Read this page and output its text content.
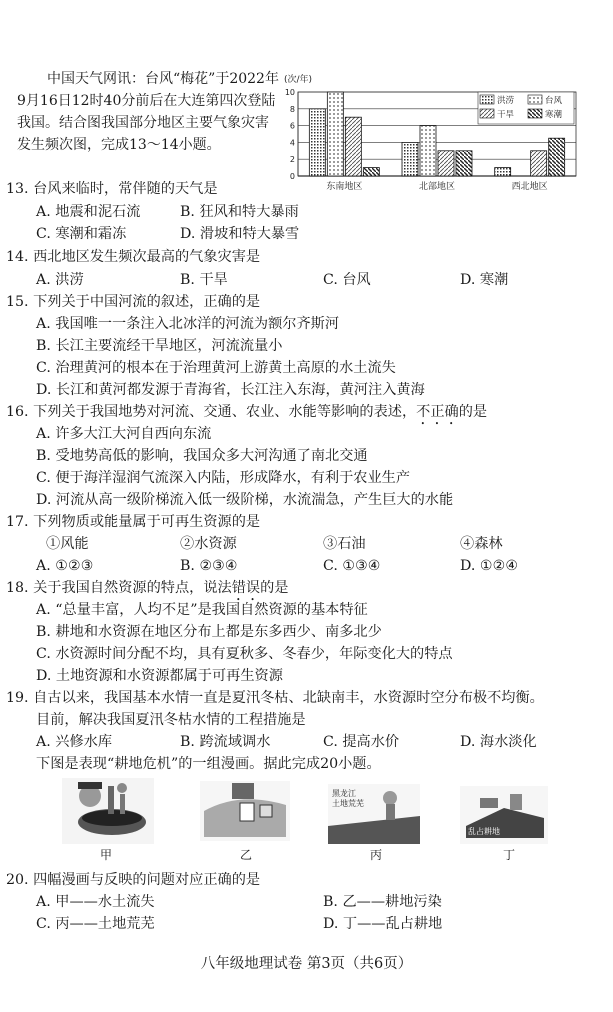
中国天气网讯：台风“梅花”于2022年9月16日12时40分前后在大连第四次登陆我国。结合图我国部分地区主要气象灾害发生频次图，完成13～14小题。
(次/年)
0
2
4
6
8
10
东南地区	北部地区	西北地区
洪涝	台风
干旱	寒潮
13. 台风来临时，常伴随的天气是
A. 地震和泥石流	B. 狂风和特大暴雨
C. 寒潮和霜冻	D. 滑坡和特大暴雪
14. 西北地区发生频次最高的气象灾害是
A. 洪涝	B. 干旱	C. 台风	D. 寒潮
15. 下列关于中国河流的叙述，正确的是
A. 我国唯一一条注入北冰洋的河流为额尔齐斯河
B. 长江主要流经干旱地区，河流流量小
C. 治理黄河的根本在于治理黄河上游黄土高原的水土流失
D. 长江和黄河都发源于青海省，长江注入东海，黄河注入黄海
16. 下列关于我国地势对河流、交通、农业、水能等影响的表述，不正确的是
A. 许多大江大河自西向东流
B. 受地势高低的影响，我国众多大河沟通了南北交通
C. 便于海洋湿润气流深入内陆，形成降水，有利于农业生产
D. 河流从高一级阶梯流入低一级阶梯，水流湍急，产生巨大的水能
17. 下列物质或能量属于可再生资源的是
①风能	②水资源	③石油	④森林
A. ①②③	B. ②③④	C. ①③④	D. ①②④
18. 关于我国自然资源的特点，说法错误的是
A. “总量丰富，人均不足”是我国自然资源的基本特征
B. 耕地和水资源在地区分布上都是东多西少、南多北少
C. 水资源时间分配不均，具有夏秋多、冬春少，年际变化大的特点
D. 土地资源和水资源都属于可再生资源
19. 自古以来，我国基本水情一直是夏汛冬枯、北缺南丰，水资源时空分布极不均衡。
目前，解决我国夏汛冬枯水情的工程措施是
A. 兴修水库	B. 跨流域调水	C. 提高水价	D. 海水淡化
下图是表现“耕地危机”的一组漫画。据此完成20小题。
甲	乙
黑龙江
土地荒芜
丙
乱占耕地
丁
20. 四幅漫画与反映的问题对应正确的是
A. 甲——水土流失	B. 乙——耕地污染
C. 丙——土地荒芜	D. 丁——乱占耕地
八年级地理试卷 第3页（共6页）
